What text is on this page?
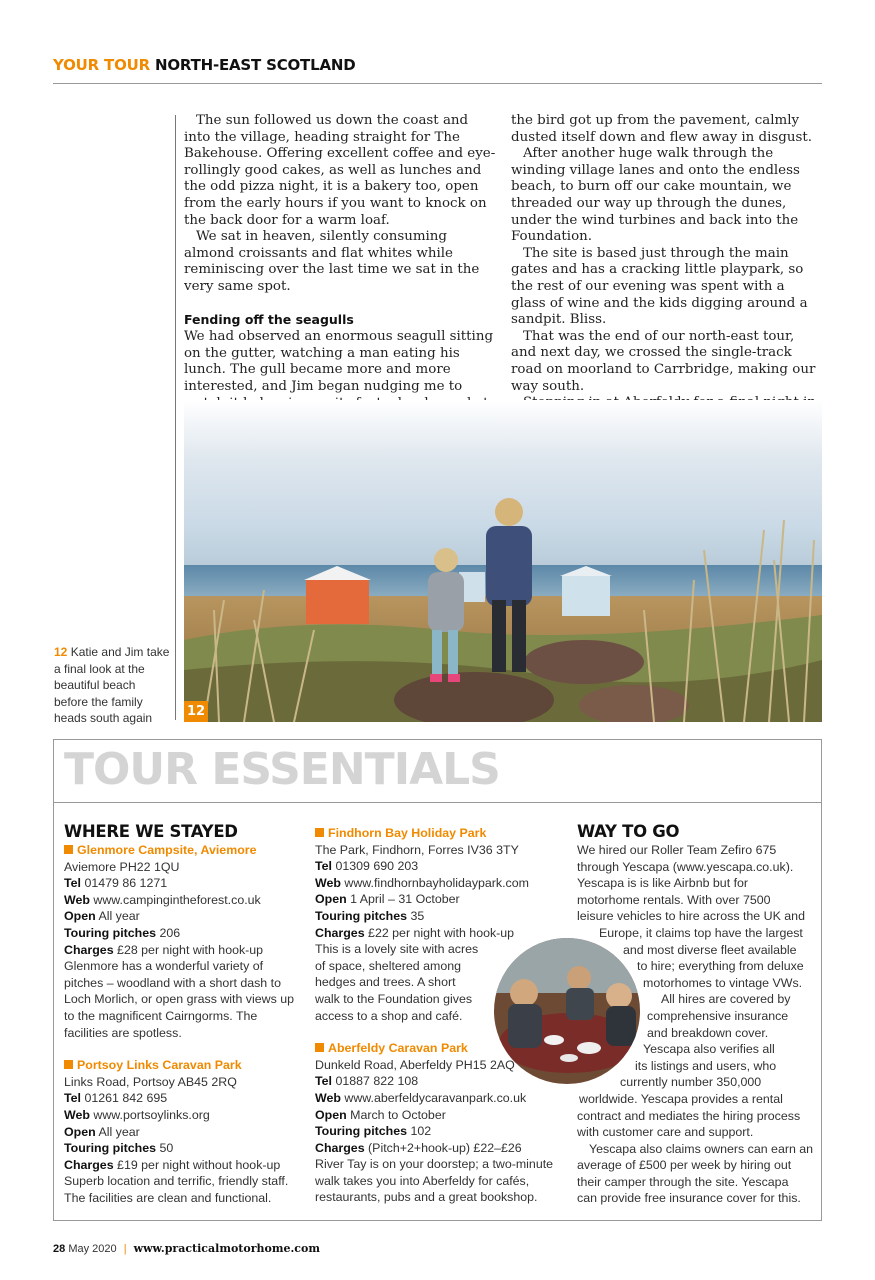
YOUR TOUR NORTH-EAST SCOTLAND

The sun followed us down the coast and into the village, heading straight for The Bakehouse. Offering excellent coffee and eye-rollingly good cakes, as well as lunches and the odd pizza night, it is a bakery too, open from the early hours if you want to knock on the back door for a warm loaf.

We sat in heaven, silently consuming almond croissants and flat whites while reminiscing over the last time we sat in the very same spot.

Fending off the seagulls

We had observed an enormous seagull sitting on the gutter, watching a man eating his lunch. The gull became more and more interested, and Jim began nudging me to

the bird got up from the pavement, calmly dusted itself down and flew away in disgust.

After another huge walk through the winding village lanes and onto the endless beach, to burn off our cake mountain, we threaded our way up through the dunes, under the wind turbines and back into the Foundation.

The site is based just through the main gates and has a cracking little playpark, so the rest of our evening was spent with a glass of wine and the kids digging around a sandpit. Bliss.

That was the end of our north-east tour, and next day, we crossed the single-track road on moorland to Carrbridge, making our way south.

12
12 Katie and Jim take a final look at the beautiful beach before the family heads south again
TOUR ESSENTIALS
WHERE WE STAYED
Glenmore Campsite, Aviemore
Aviemore PH22 1QU
Tel 01479 86 1271
Web www.campingintheforest.co.uk
Open All year
Touring pitches 206
Charges £28 per night with hook-up
Glenmore has a wonderful variety of pitches – woodland with a short dash to Loch Morlich, or open grass with views up to the magnificent Cairngorms. The facilities are spotless.
Portsoy Links Caravan Park
Links Road, Portsoy AB45 2RQ
Tel 01261 842 695
Web www.portsoylinks.org
Open All year
Touring pitches 50
Charges £19 per night without hook-up
Superb location and terrific, friendly staff. The facilities are clean and functional.
Findhorn Bay Holiday Park
The Park, Findhorn, Forres IV36 3TY
Tel 01309 690 203
Web www.findhornbayholidaypark.com
Open 1 April – 31 October
Touring pitches 35
Charges £22 per night with hook-up
This is a lovely site with acres
of space, sheltered among
hedges and trees. A short
walk to the Foundation gives
access to a shop and café.
Aberfeldy Caravan Park
Dunkeld Road, Aberfeldy PH15 2AQ
Tel 01887 822 108
Web www.aberfeldycaravanpark.co.uk
Open March to October
Touring pitches 102
Charges (Pitch+2+hook-up) £22–£26
River Tay is on your doorstep; a two-minute walk takes you into Aberfeldy for cafés, restaurants, pubs and a great bookshop.
WAY TO GO
We hired our Roller Team Zefiro 675
through Yescapa (www.yescapa.co.uk).
Yescapa is is like Airbnb but for
motorhome rentals. With over 7500
leisure vehicles to hire across the UK and
Europe, it claims top have the largest
and most diverse fleet available
to hire; everything from deluxe
motorhomes to vintage VWs.
All hires are covered by
comprehensive insurance
and breakdown cover.
Yescapa also verifies all
its listings and users, who
currently number 350,000
worldwide. Yescapa provides a rental
contract and mediates the hiring process
with customer care and support.
Yescapa also claims owners can earn an
average of £500 per week by hiring out
their camper through the site. Yescapa
can provide free insurance cover for this.
28 May 2020 | www.practicalmotorhome.com
